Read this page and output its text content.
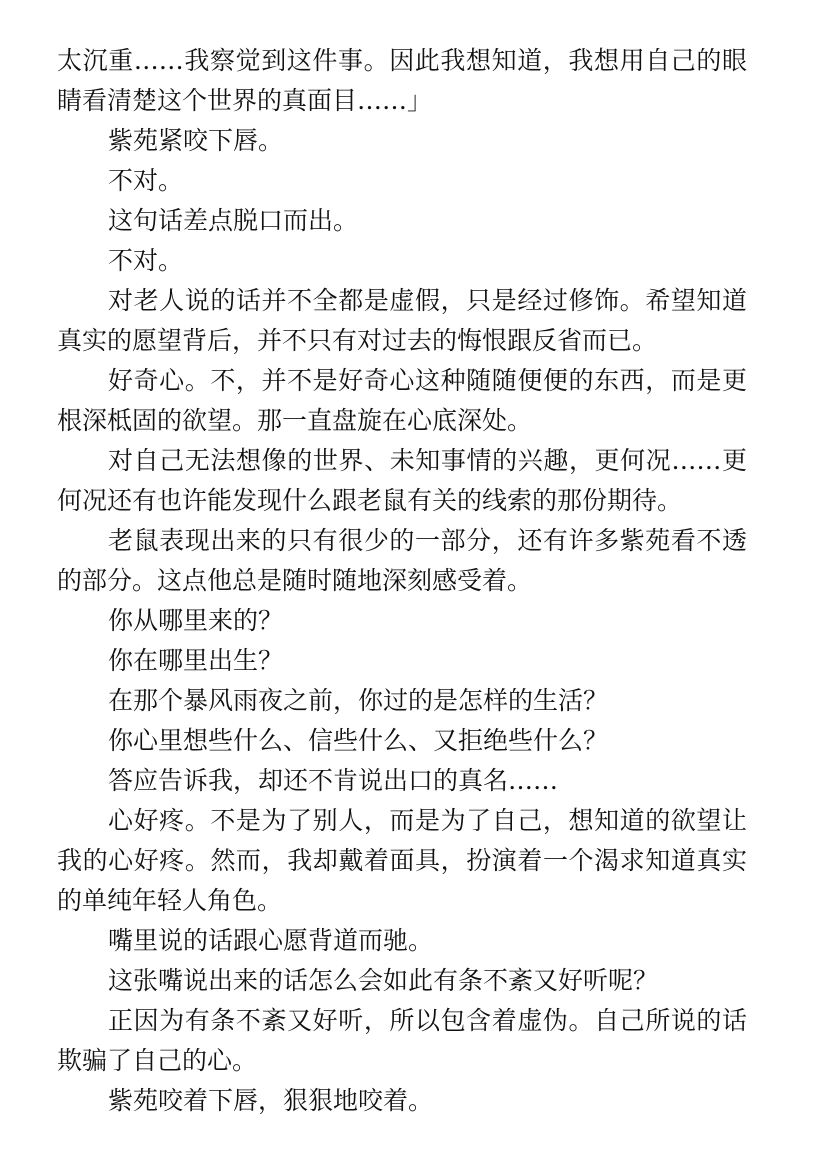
太沉重……我察觉到这件事。因此我想知道，我想用自己的眼睛看清楚这个世界的真面目……」

紫苑紧咬下唇。

不对。

这句话差点脱口而出。

不对。

对老人说的话并不全都是虚假，只是经过修饰。希望知道真实的愿望背后，并不只有对过去的悔恨跟反省而已。

好奇心。不，并不是好奇心这种随随便便的东西，而是更根深柢固的欲望。那一直盘旋在心底深处。

对自己无法想像的世界、未知事情的兴趣，更何况……更何况还有也许能发现什么跟老鼠有关的线索的那份期待。

老鼠表现出来的只有很少的一部分，还有许多紫苑看不透的部分。这点他总是随时随地深刻感受着。

你从哪里来的？

你在哪里出生？

在那个暴风雨夜之前，你过的是怎样的生活？

你心里想些什么、信些什么、又拒绝些什么？

答应告诉我，却还不肯说出口的真名……

心好疼。不是为了别人，而是为了自己，想知道的欲望让我的心好疼。然而，我却戴着面具，扮演着一个渴求知道真实的单纯年轻人角色。

嘴里说的话跟心愿背道而驰。

这张嘴说出来的话怎么会如此有条不紊又好听呢？

正因为有条不紊又好听，所以包含着虚伪。自己所说的话欺骗了自己的心。

紫苑咬着下唇，狠狠地咬着。
